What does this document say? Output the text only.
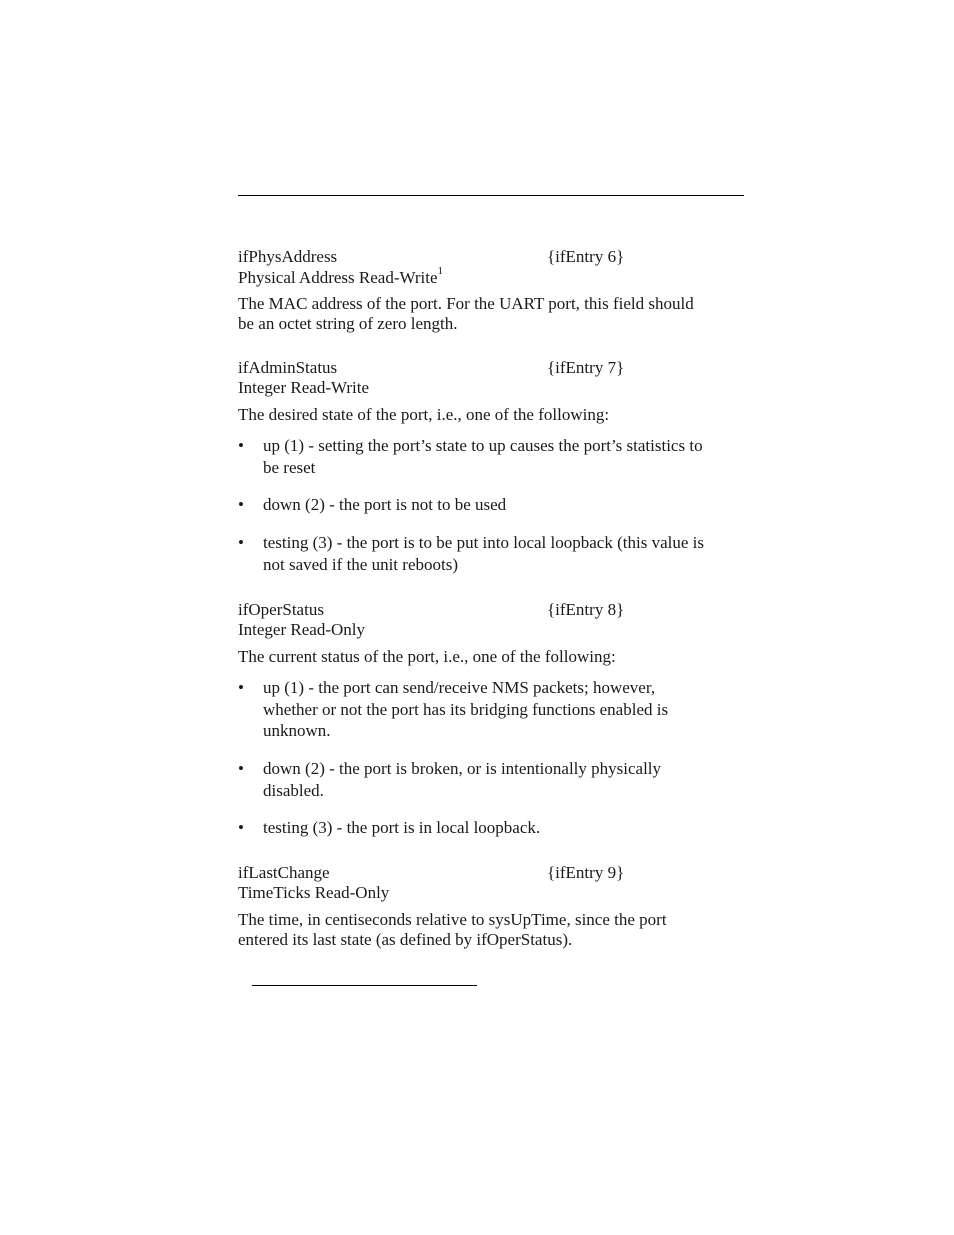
ifPhysAddress	{ifEntry 6}
Physical Address Read-Write$^1$
The MAC address of the port. For the UART port, this field should
be an octet string of zero length.
ifAdminStatus	{ifEntry 7}
Integer Read-Write
The desired state of the port, i.e., one of the following:
• up (1) - setting the port’s state to up causes the port’s statistics to
be reset
• down (2) - the port is not to be used
• testing (3) - the port is to be put into local loopback (this value is
not saved if the unit reboots)
ifOperStatus	{ifEntry 8}
Integer Read-Only
The current status of the port, i.e., one of the following:
• up (1) - the port can send/receive NMS packets; however,
whether or not the port has its bridging functions enabled is
unknown.
• down (2) - the port is broken, or is intentionally physically
disabled.
• testing (3) - the port is in local loopback.
ifLastChange	{ifEntry 9}
TimeTicks Read-Only
The time, in centiseconds relative to sysUpTime, since the port
entered its last state (as defined by ifOperStatus).
